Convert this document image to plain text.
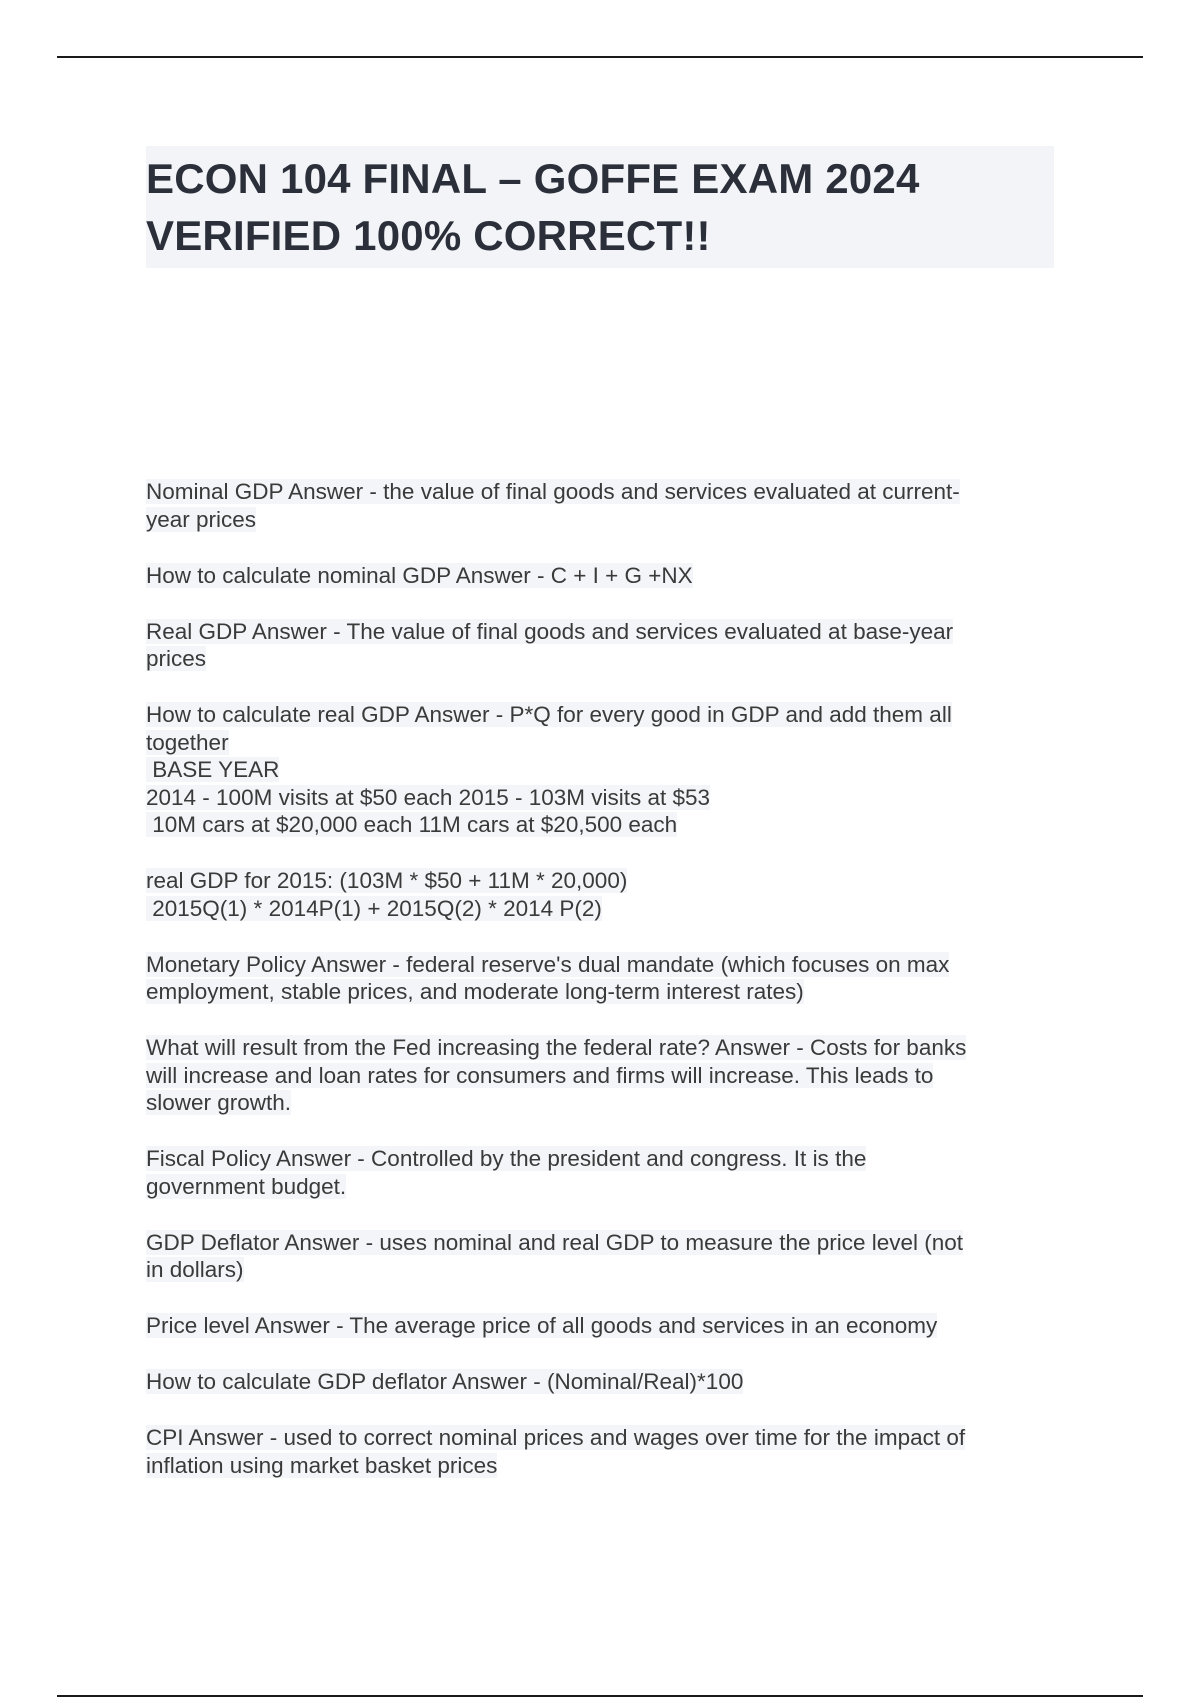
ECON 104 FINAL – GOFFE EXAM 2024
VERIFIED 100% CORRECT!!
Nominal GDP Answer - the value of final goods and services evaluated at current-
year prices
How to calculate nominal GDP Answer - C + I + G +NX
Real GDP Answer - The value of final goods and services evaluated at base-year
prices
How to calculate real GDP Answer - P*Q for every good in GDP and add them all
together
BASE YEAR
2014 - 100M visits at $50 each 2015 - 103M visits at $53
10M cars at $20,000 each 11M cars at $20,500 each
real GDP for 2015: (103M * $50 + 11M * 20,000)
2015Q(1) * 2014P(1) + 2015Q(2) * 2014 P(2)
Monetary Policy Answer - federal reserve's dual mandate (which focuses on max
employment, stable prices, and moderate long-term interest rates)
What will result from the Fed increasing the federal rate? Answer - Costs for banks
will increase and loan rates for consumers and firms will increase. This leads to
slower growth.
Fiscal Policy Answer - Controlled by the president and congress. It is the
government budget.
GDP Deflator Answer - uses nominal and real GDP to measure the price level (not
in dollars)
Price level Answer - The average price of all goods and services in an economy
How to calculate GDP deflator Answer - (Nominal/Real)*100
CPI Answer - used to correct nominal prices and wages over time for the impact of
inflation using market basket prices
